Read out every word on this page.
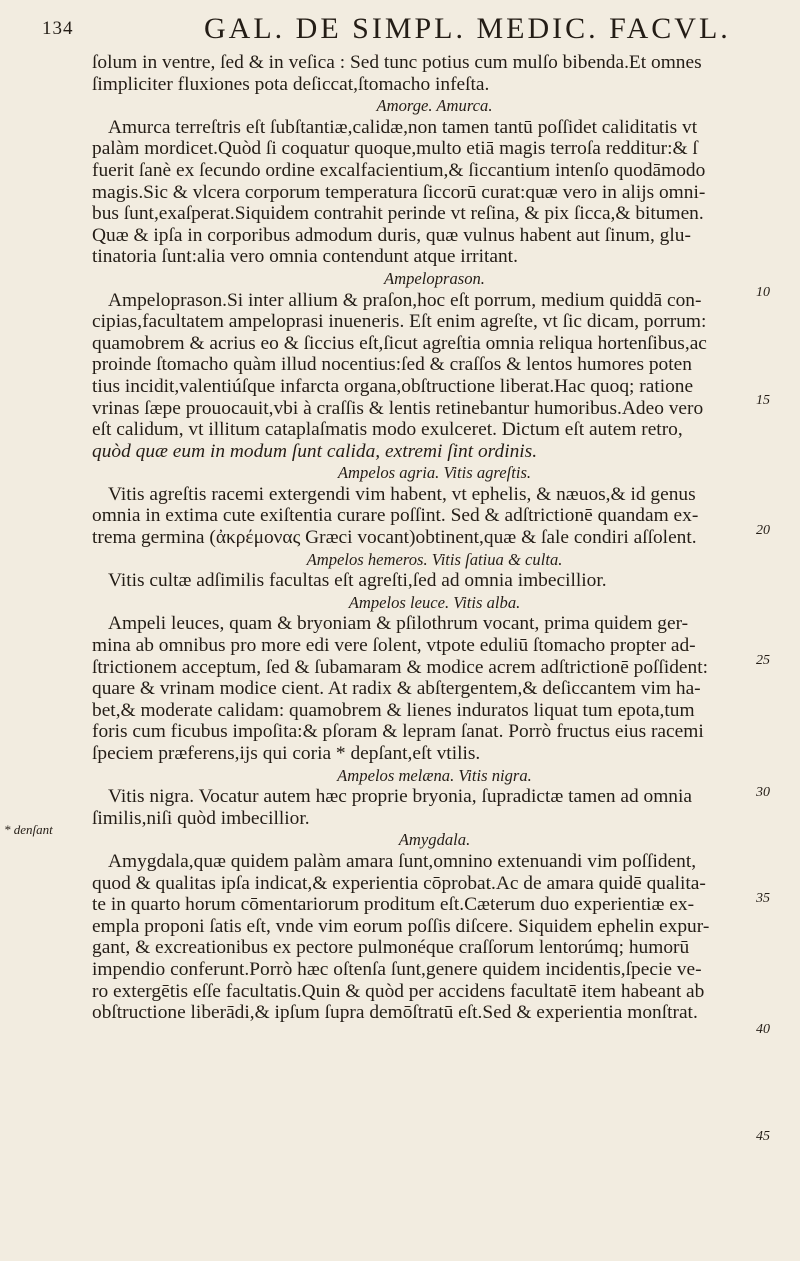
134	GAL. DE SIMPL. MEDIC. FACVL.
ſolum in ventre, ſed & in veſica : Sed tunc potius cum mulſo bibenda.Et omnes
ſimpliciter fluxiones pota deſiccat,ſtomacho infeſta.
Amorge. Amurca.
Amurca terreſtris eſt ſubſtantiæ,calidæ,non tamen tantū poſſidet caliditatis vt
palàm mordicet.Quòd ſi coquatur quoque,multo etiā magis terroſa redditur:& ſ
fuerit ſanè ex ſecundo ordine excalfacientium,& ſiccantium intenſo quodāmodo
magis.Sic & vlcera corporum temperatura ſiccorū curat:quæ vero in alijs omni-
bus ſunt,exaſperat.Siquidem contrahit perinde vt reſina, & pix ſicca,& bitumen.
Quæ & ipſa in corporibus admodum duris, quæ vulnus habent aut ſinum, glu-
tinatoria ſunt:alia vero omnia contendunt atque irritant.
Ampeloprason.
Ampeloprason.Si inter allium & praſon,hoc eſt porrum, medium quiddā con-
cipias,facultatem ampeloprasi inueneris. Eſt enim agreſte, vt ſic dicam, porrum:
quamobrem & acrius eo & ſiccius eſt,ſicut agreſtia omnia reliqua hortenſibus,ac
proinde ſtomacho quàm illud nocentius:ſed & craſſos & lentos humores poten
tius incidit,valentiúſque infarcta organa,obſtructione liberat.Hac quoq; ratione
vrinas ſæpe prouocauit,vbi à craſſis & lentis retinebantur humoribus.Adeo vero
eſt calidum, vt illitum cataplaſmatis modo exulceret. Dictum eſt autem retro,
quòd quæ eum in modum ſunt calida, extremi ſint ordinis.
Ampelos agria. Vitis agreſtis.
Vitis agreſtis racemi extergendi vim habent, vt ephelis, & næuos,& id genus
omnia in extima cute exiſtentia curare poſſint. Sed & adſtrictionē quandam ex-
trema germina (ἀκρέμονας Græci vocant)obtinent,quæ & ſale condiri aſſolent.
Ampelos hemeros. Vitis ſatiua & culta.
Vitis cultæ adſimilis facultas eſt agreſti,ſed ad omnia imbecillior.
Ampelos leuce. Vitis alba.
Ampeli leuces, quam & bryoniam & pſilothrum vocant, prima quidem ger-
mina ab omnibus pro more edi vere ſolent, vtpote eduliū ſtomacho propter ad-
ſtrictionem acceptum, ſed & ſubamaram & modice acrem adſtrictionē poſſident:
quare & vrinam modice cient. At radix & abſtergentem,& deſiccantem vim ha-
bet,& moderate calidam: quamobrem & lienes induratos liquat tum epota,tum
foris cum ficubus impoſita:& pſoram & lepram ſanat. Porrò fructus eius racemi
ſpeciem præferens,ijs qui coria * depſant,eſt vtilis.
Ampelos melæna. Vitis nigra.
Vitis nigra. Vocatur autem hæc proprie bryonia, ſupradictæ tamen ad omnia
ſimilis,niſi quòd imbecillior.
Amygdala.
Amygdala,quæ quidem palàm amara ſunt,omnino extenuandi vim poſſident,
quod & qualitas ipſa indicat,& experientia cōprobat.Ac de amara quidē qualita-
te in quarto horum cōmentariorum proditum eſt.Cæterum duo experientiæ ex-
empla proponi ſatis eſt, vnde vim eorum poſſis diſcere. Siquidem ephelin expur-
gant, & excreationibus ex pectore pulmonéque craſſorum lentorúmq; humorū
impendio conferunt.Porrò hæc oſtenſa ſunt,genere quidem incidentis,ſpecie ve-
ro extergētis eſſe facultatis.Quin & quòd per accidens facultatē item habeant ab
obſtructione liberādi,& ipſum ſupra demōſtratū eſt.Sed & experientia monſtrat.
10
15
20
25
30
35
40
45
* denſant
